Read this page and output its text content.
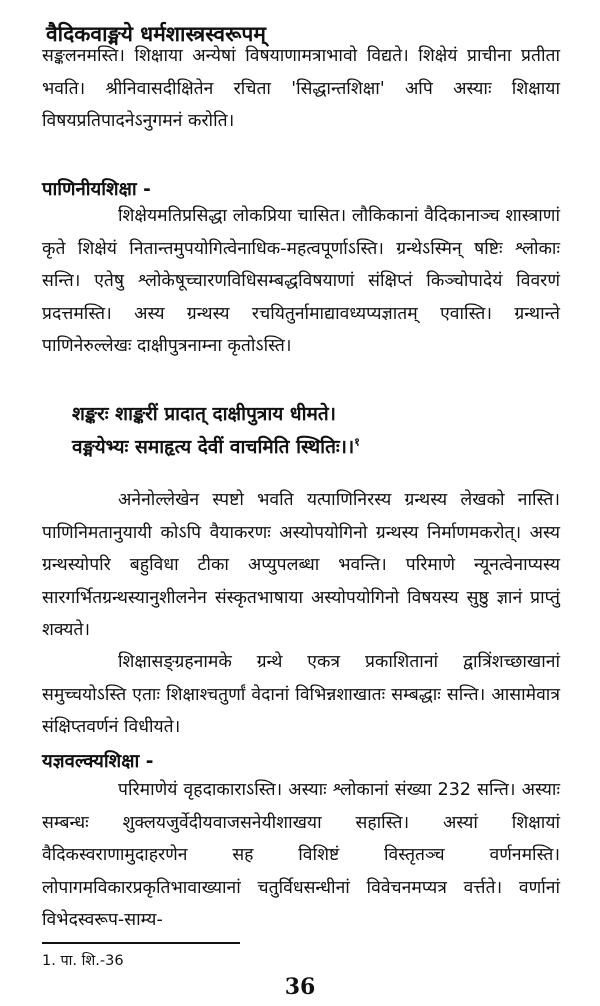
वैदिकवाङ्मये धर्मशास्त्रस्वरूपम्

सङ्कलनमस्ति। शिक्षाया अन्येषां विषयाणामत्राभावो विद्यते। शिक्षेयं प्राचीना प्रतीता भवति। श्रीनिवासदीक्षितेन रचिता 'सिद्धान्तशिक्षा' अपि अस्याः शिक्षाया विषयप्रतिपादनेऽनुगमनं करोति।

पाणिनीयशिक्षा -

शिक्षेयमतिप्रसिद्धा लोकप्रिया चासित। लौकिकानां वैदिकानाञ्च शास्त्राणां कृते शिक्षेयं नितान्तमुपयोगित्वेनाधिक-महत्वपूर्णाऽस्ति। ग्रन्थेऽस्मिन् षष्टिः श्लोकाः सन्ति। एतेषु श्लोकेषूच्चारणविधिसम्बद्धविषयाणां संक्षिप्तं किञ्चोपादेयं विवरणं प्रदत्तमस्ति। अस्य ग्रन्थस्य रचयितुर्नामाद्यावध्यप्यज्ञातम् एवास्ति। ग्रन्थान्ते पाणिनेरुल्लेखः दाक्षीपुत्रनाम्ना कृतोऽस्ति।

शङ्करः शाङ्करीं प्रादात् दाक्षीपुत्राय धीमते।
वङ्मयेभ्यः समाहृत्य देवीं वाचमिति स्थितिः।।$^१$

अनेनोल्लेखेन स्पष्टो भवति यत्पाणिनिरस्य ग्रन्थस्य लेखको नास्ति। पाणिनिमतानुयायी कोऽपि वैयाकरणः अस्योपयोगिनो ग्रन्थस्य निर्माणमकरोत्। अस्य ग्रन्थस्योपरि बहुविधा टीका अप्युपलब्धा भवन्ति। परिमाणे न्यूनत्वेनाप्यस्य सारगर्भितग्रन्थस्यानुशीलनेन संस्कृतभाषाया अस्योपयोगिनो विषयस्य सुष्ठु ज्ञानं प्राप्तुं शक्यते।

शिक्षासङ्ग्रहनामके ग्रन्थे एकत्र प्रकाशितानां द्वात्रिंशच्छाखानां समुच्चयोऽस्ति एताः शिक्षाश्चतुर्णां वेदानां विभिन्नशाखातः सम्बद्धाः सन्ति। आसामेवात्र संक्षिप्तवर्णनं विधीयते।

यज्ञवल्क्यशिक्षा -

परिमाणेयं वृहदाकाराऽस्ति। अस्याः श्लोकानां संख्या 232 सन्ति। अस्याः सम्बन्धः शुक्लयजुर्वेदीयवाजसनेयीशाखया सहास्ति। अस्यां शिक्षायां वैदिकस्वराणामुदाहरणेन सह विशिष्टं विस्तृतञ्च वर्णनमस्ति। लोपागमविकारप्रकृतिभावाख्यानां चतुर्विधसन्धीनां विवेचनमप्यत्र वर्त्तते। वर्णानां विभेदस्वरूप-साम्य-

1. पा. शि.-36
36
